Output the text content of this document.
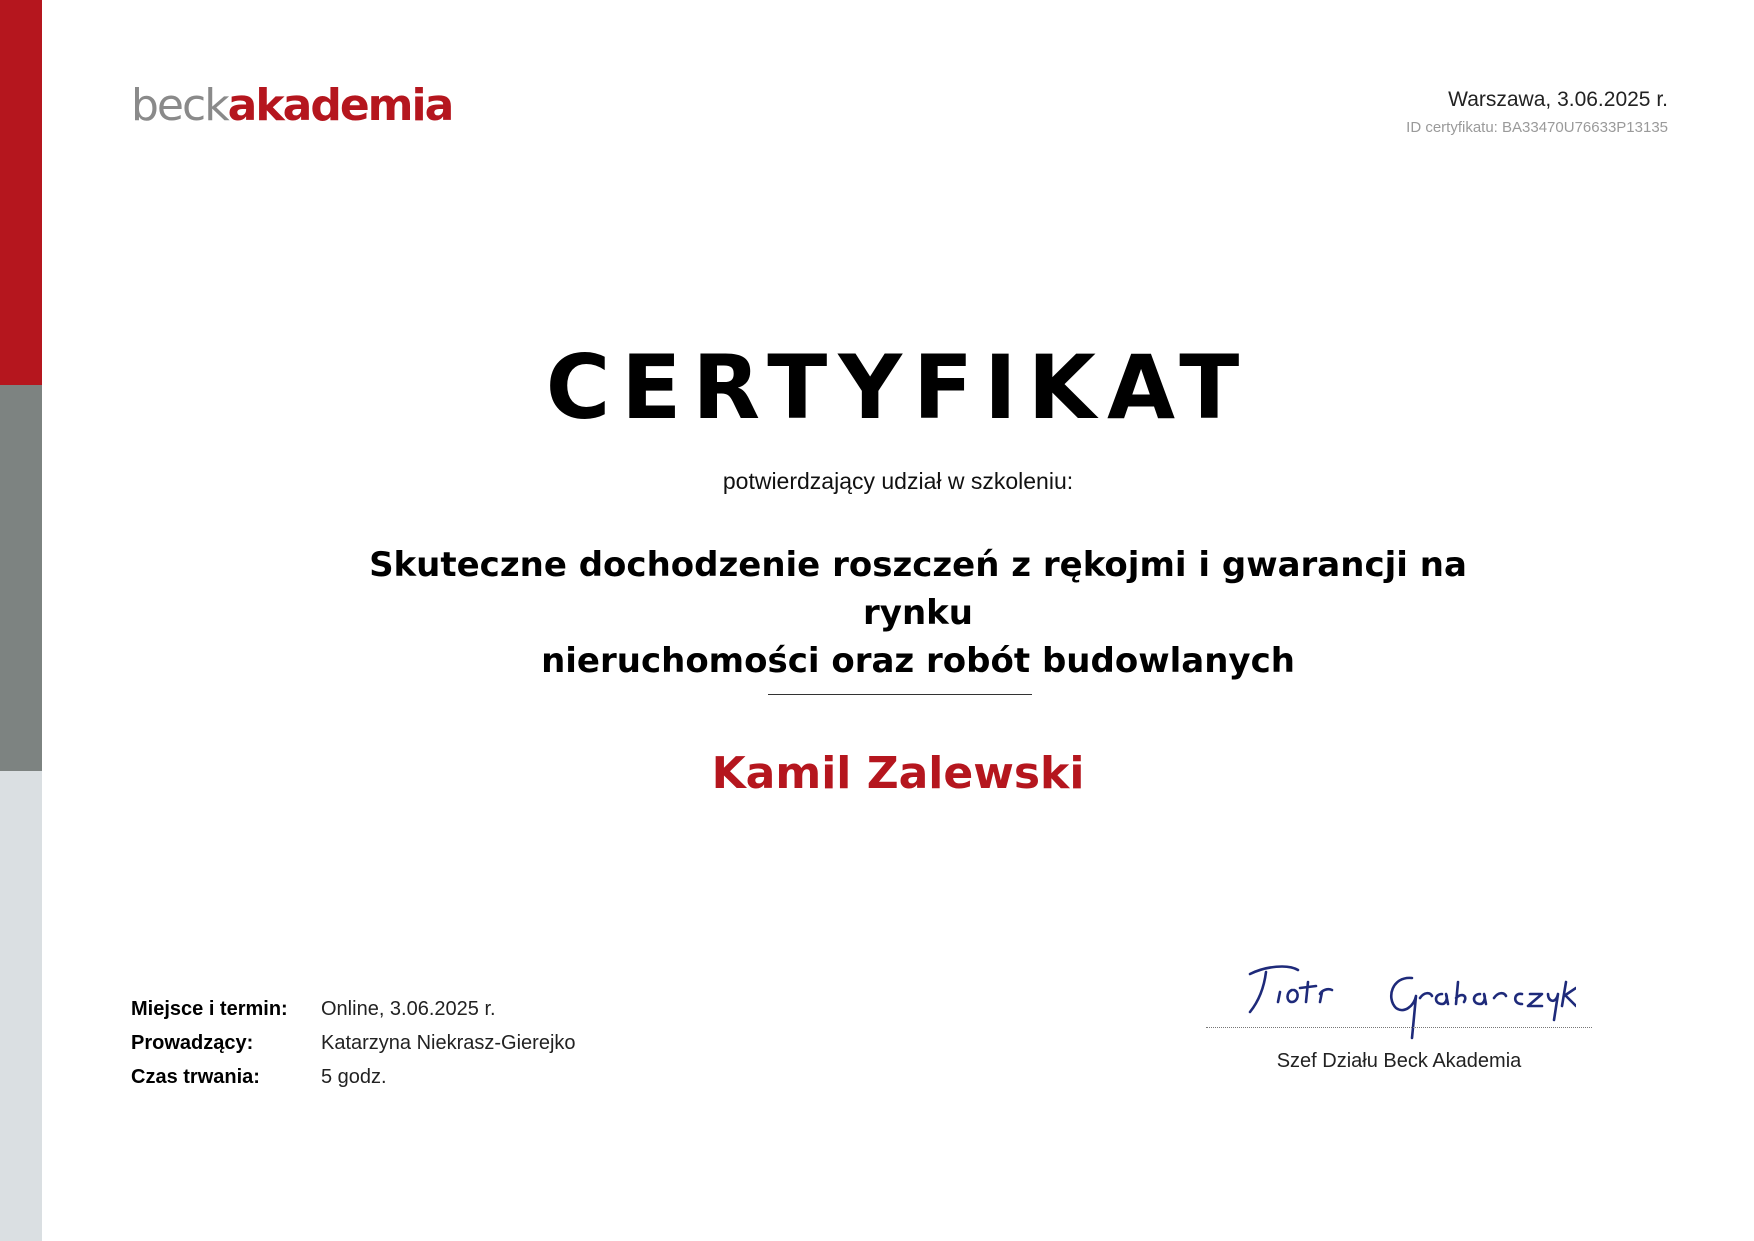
beckakademia	Warszawa, 3.06.2025 r.
ID certyfikatu: BA33470U76633P13135
CERTYFIKAT
potwierdzający udział w szkoleniu:
Skuteczne dochodzenie roszczeń z rękojmi i gwarancji na rynku
nieruchomości oraz robót budowlanych
Kamil Zalewski
Miejsce i termin:	Online, 3.06.2025 r.
Prowadzący:	Katarzyna Niekrasz-Gierejko
Czas trwania:	5 godz.
Szef Działu Beck Akademia
